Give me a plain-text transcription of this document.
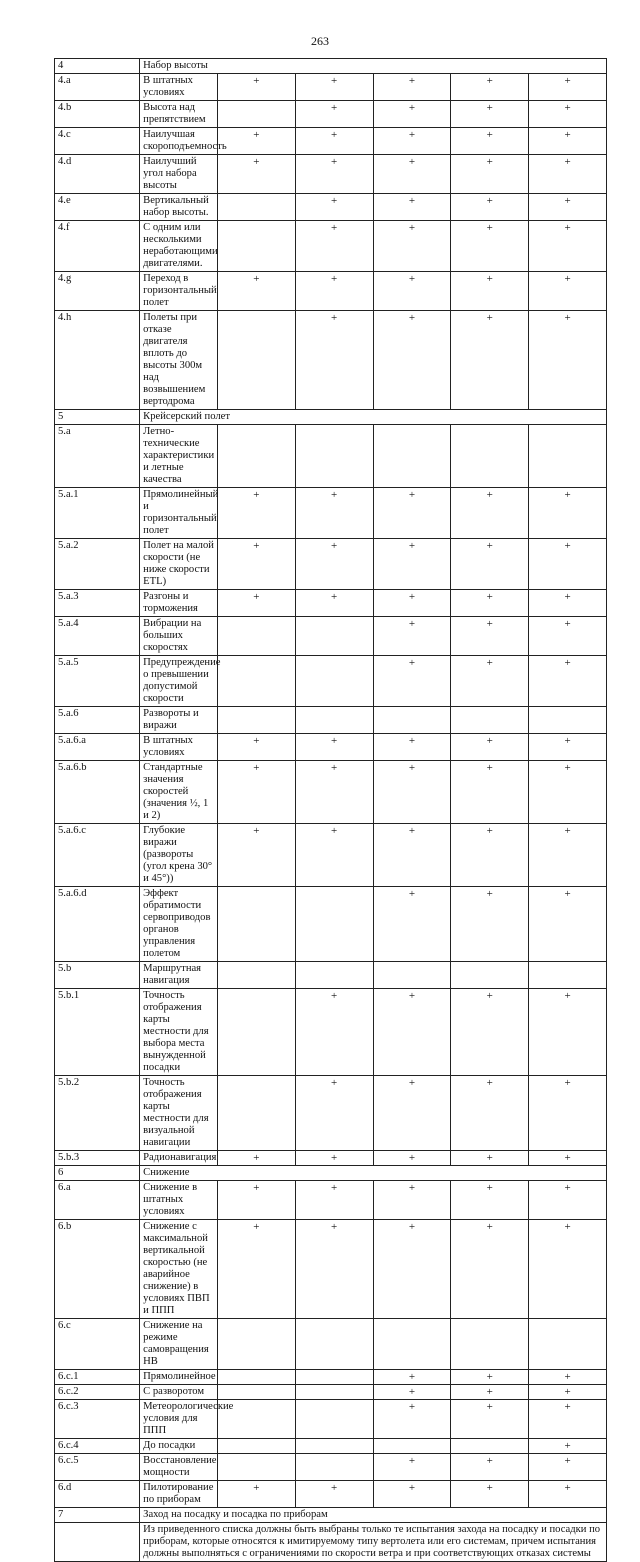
263
4	Набор высоты					
4.a	В штатных условиях	+	+	+	+	+
4.b	Высота над препятствием		+	+	+	+
4.c	Наилучшая скороподъемность	+	+	+	+	+
4.d	Наилучший угол набора высоты	+	+	+	+	+
4.e	Вертикальный набор высоты.		+	+	+	+
4.f	С одним или несколькими неработающими двигателями.		+	+	+	+
4.g	Переход в горизонтальный полет	+	+	+	+	+
4.h	Полеты при отказе двигателя вплоть до высоты 300м над возвышением вертодрома		+	+	+	+
5	Крейсерский полет					
5.a	Летно-технические характеристики и летные качества					
5.a.1	Прямолинейный и горизонтальный полет	+	+	+	+	+
5.a.2	Полет на малой скорости (не ниже скорости ETL)	+	+	+	+	+
5.a.3	Разгоны и торможения	+	+	+	+	+
5.a.4	Вибрации на больших скоростях			+	+	+
5.a.5	Предупреждение о превышении допустимой скорости			+	+	+
5.a.6	Развороты и виражи					
5.a.6.a	В штатных условиях	+	+	+	+	+
5.a.6.b	Стандартные значения скоростей (значения ½, 1 и 2)	+	+	+	+	+
5.a.6.c	Глубокие виражи (развороты (угол крена 30° и 45°))	+	+	+	+	+
5.a.6.d	Эффект обратимости сервоприводов органов управления полетом			+	+	+
5.b	Маршрутная навигация					
5.b.1	Точность отображения карты местности для выбора места вынужденной посадки		+	+	+	+
5.b.2	Точность отображения карты местности для визуальной навигации		+	+	+	+
5.b.3	Радионавигация	+	+	+	+	+
6	Снижение					
6.a	Снижение в штатных условиях	+	+	+	+	+
6.b	Снижение с максимальной вертикальной скоростью (не аварийное снижение) в условиях ПВП и ППП	+	+	+	+	+
6.c	Снижение на режиме самовращения НВ					
6.c.1	Прямолинейное			+	+	+
6.c.2	С разворотом			+	+	+
6.c.3	Метеорологические условия для ППП			+	+	+
6.c.4	До посадки					+
6.c.5	Восстановление мощности			+	+	+
6.d	Пилотирование по приборам	+	+	+	+	+
7	Заход на посадку и посадка по приборам					
	Из приведенного списка должны быть выбраны только те испытания захода на посадку и посадки по приборам, которые относятся к имитируемому типу вертолета или его системам, причем испытания должны выполняться с ограничениями по скорости ветра и при соответствующих отказах системы					
